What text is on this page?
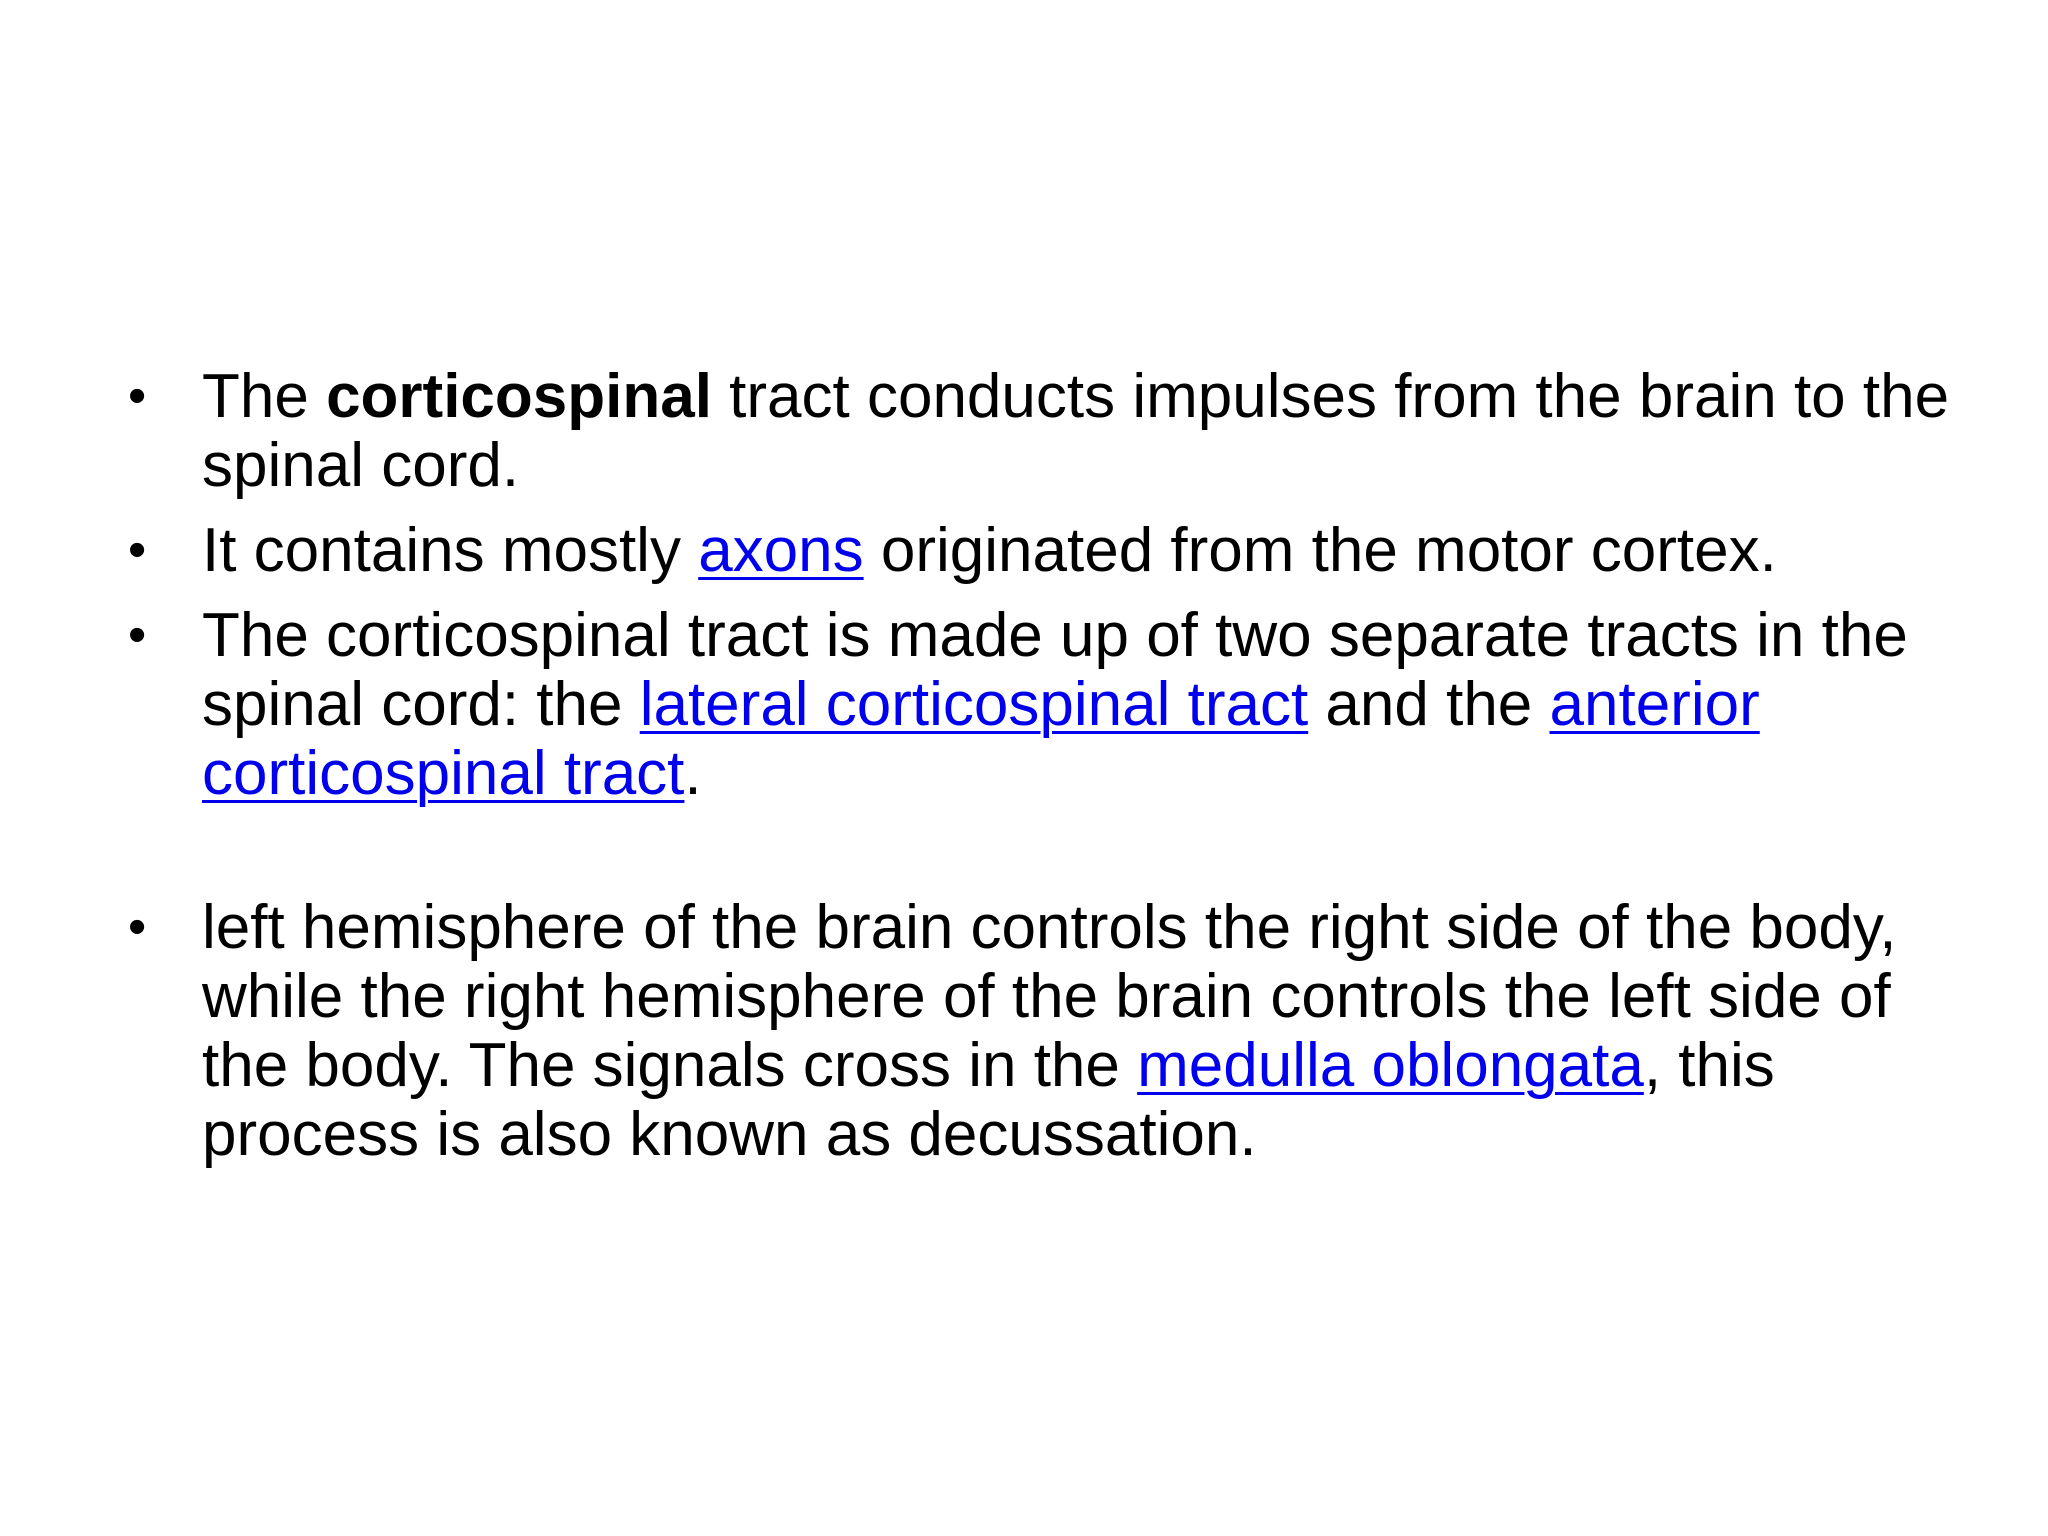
• The corticospinal tract conducts impulses from the brain to the spinal cord.
• It contains mostly axons originated from the motor cortex.
• The corticospinal tract is made up of two separate tracts in the spinal cord: the lateral corticospinal tract and the anterior corticospinal tract.
• left hemisphere of the brain controls the right side of the body, while the right hemisphere of the brain controls the left side of the body. The signals cross in the medulla oblongata, this process is also known as decussation.
